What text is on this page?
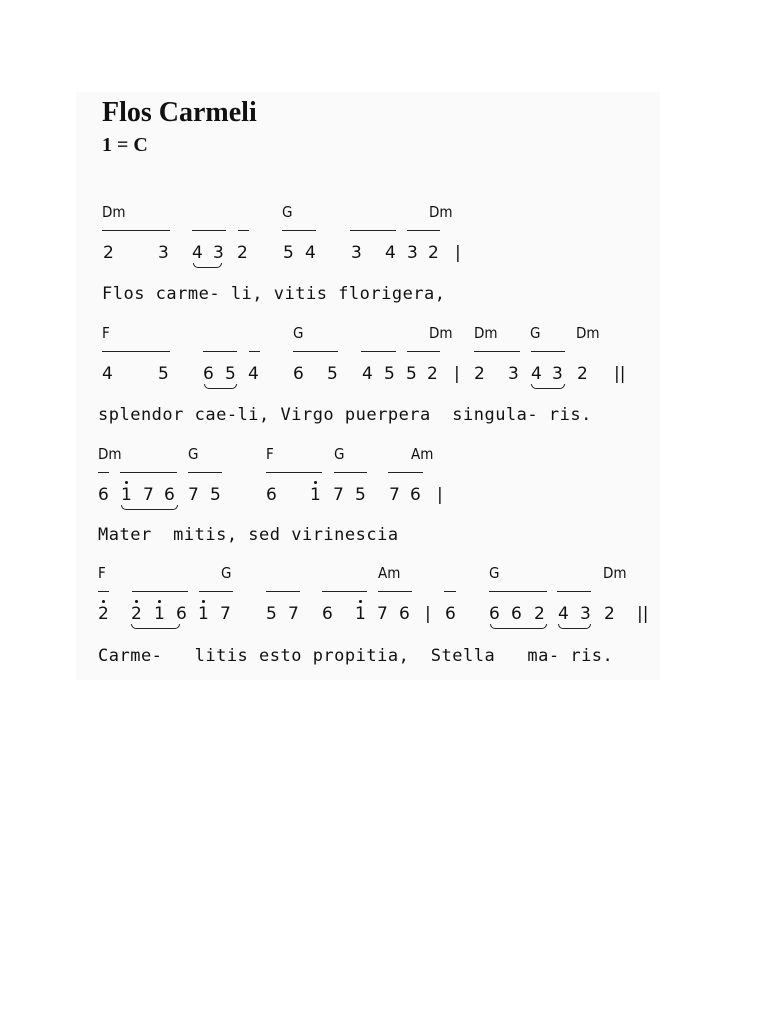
Flos Carmeli
1 = C
Dm	G	Dm
2	3 4 3 2 5 4 3 4 3 2 |
Flos carme- li, vitis florigera,
F	G	Dm Dm G Dm
4	5 6 5 4 6 5 4 5 5 2 | 2 3 4 3 2 ||
splendor cae-li, Virgo puerpera  singula- ris.
Dm	G	F	G	Am
6 1 7 6 7 5	6 1 7 5 7 6 |
Mater  mitis, sed virinescia
F	G	Am	G	Dm
2 2 1 6 1 7 5 7 6 1 7 6 | 6 6 6 2 4 3 2 ||
Carme-   litis esto propitia,  Stella   ma- ris.
